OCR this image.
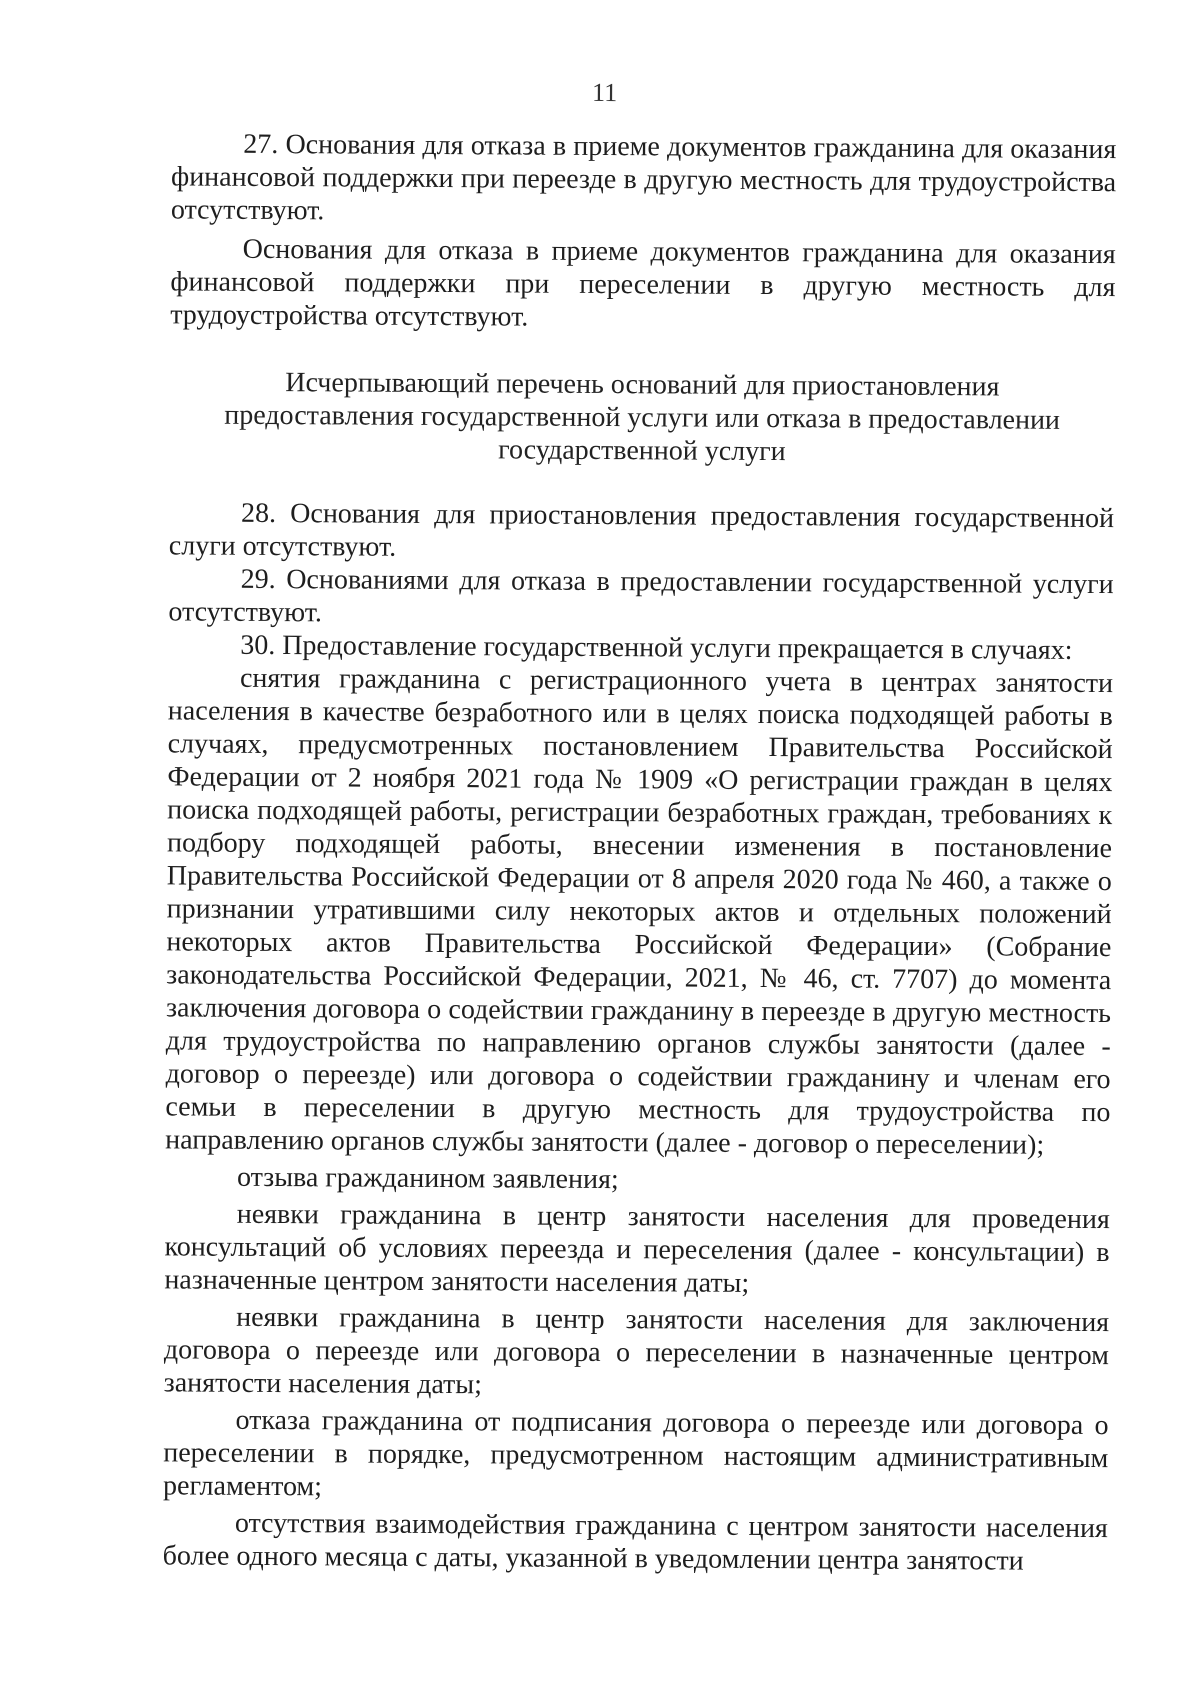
11

27. Основания для отказа в приеме документов гражданина для оказания финансовой поддержки при переезде в другую местность для трудоустройства отсутствуют.

Основания для отказа в приеме документов гражданина для оказания финансовой поддержки при переселении в другую местность для трудоустройства отсутствуют.

Исчерпывающий перечень оснований для приостановления
предоставления государственной услуги или отказа в предоставлении
государственной услуги

28. Основания для приостановления предоставления государственной слуги отсутствуют.

29. Основаниями для отказа в предоставлении государственной услуги отсутствуют.

30. Предоставление государственной услуги прекращается в случаях:

снятия гражданина с регистрационного учета в центрах занятости населения в качестве безработного или в целях поиска подходящей работы в случаях, предусмотренных постановлением Правительства Российской Федерации от 2 ноября 2021 года № 1909 «О регистрации граждан в целях поиска подходящей работы, регистрации безработных граждан, требованиях к подбору подходящей работы, внесении изменения в постановление Правительства Российской Федерации от 8 апреля 2020 года № 460, а также о признании утратившими силу некоторых актов и отдельных положений некоторых актов Правительства Российской Федерации» (Собрание законодательства Российской Федерации, 2021, № 46, ст. 7707) до момента заключения договора о содействии гражданину в переезде в другую местность для трудоустройства по направлению органов службы занятости (далее - договор о переезде) или договора о содействии гражданину и членам его семьи в переселении в другую местность для трудоустройства по направлению органов службы занятости (далее - договор о переселении);

отзыва гражданином заявления;

неявки гражданина в центр занятости населения для проведения консультаций об условиях переезда и переселения (далее - консультации) в назначенные центром занятости населения даты;

неявки гражданина в центр занятости населения для заключения договора о переезде или договора о переселении в назначенные центром занятости населения даты;

отказа гражданина от подписания договора о переезде или договора о переселении в порядке, предусмотренном настоящим административным регламентом;

отсутствия взаимодействия гражданина с центром занятости населения более одного месяца с даты, указанной в уведомлении центра занятости
